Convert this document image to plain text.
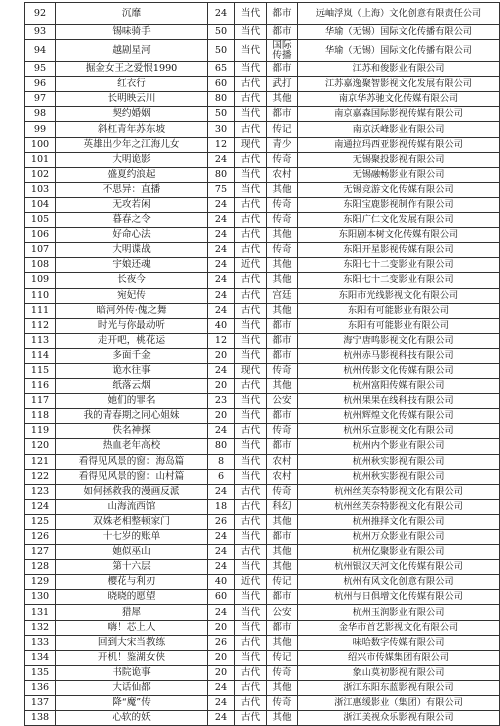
92	沉靡	24	当代	都市	远岫浮岚（上海）文化创意有限责任公司
93	锡味骑手	50	当代	都市	华瑜（无锡）国际文化传播有限公司
94	越剧星河	50	当代	国际传播	华瑜（无锡）国际文化传播有限公司
95	掘金女王之爱恨1990	65	当代	都市	江苏和俊影业有限公司
96	红衣行	60	古代	武打	江苏嘉逸聚智影视文化发展有限公司
97	长明映云川	80	古代	其他	南京华苏驰文化传媒有限公司
98	契约婚姻	50	当代	都市	南京嘉森国际影视传媒有限公司
99	斜杠青年苏东坡	30	古代	传记	南京沃峰影业有限公司
100	英雄出少年之江海儿女	12	现代	青少	南通拉玛西亚影视传媒有限公司
101	大明诡影	24	古代	传奇	无锡聚投影视有限公司
102	盛夏约浪起	80	当代	农村	无锡融畅影业有限公司
103	不思异：直播	75	当代	其他	无锡竞游文化传媒有限公司
104	无攻若闲	24	古代	传奇	东阳宝鹿影视制作有限公司
105	暮春之令	24	古代	传奇	东阳广仁文化发展有限公司
106	好命心法	24	古代	其他	东阳剧本树文化传媒有限公司
107	大明谍战	24	古代	传奇	东阳开星影视传媒有限公司
108	宇娘还魂	24	近代	其他	东阳七十二变影业有限公司
109	长夜今	24	古代	其他	东阳七十二变影业有限公司
110	宛妃传	24	古代	宫廷	东阳市光线影视文化有限公司
111	暗河外传·傀之舞	24	古代	其他	东阳有可能影业有限公司
112	时光与你最动听	40	当代	都市	东阳有可能影业有限公司
113	走开吧，桃花运	12	当代	都市	海宁唐鸣影视文化有限公司
114	多面千金	20	当代	都市	杭州赤马影视科技有限公司
115	诡水往事	24	现代	传奇	杭州传影文化传媒有限公司
116	纸落云烟	20	古代	其他	杭州富阳传媒有限公司
117	她们的罪名	23	当代	公安	杭州果果在线科技有限公司
118	我的青春期之同心姐妹	20	当代	都市	杭州辉煌文化传媒有限公司
119	佚名神探	24	古代	传奇	杭州乐宣影视文化有限公司
120	热血老年高校	80	当代	都市	杭州内个影业有限公司
121	看得见风景的窗：海岛篇	8	当代	农村	杭州秋实影视有限公司
122	看得见风景的窗：山村篇	6	当代	农村	杭州秋实影视有限公司
123	如何拯救我的漫画反派	24	古代	传奇	杭州丝芙奈特影视文化有限公司
124	山海流西馆	18	古代	科幻	杭州丝芙奈特影视文化有限公司
125	双姝老相整顿家门	26	古代	其他	杭州推择文化有限公司
126	十七岁的账单	24	当代	都市	杭州万众影业有限公司
127	她似巫山	24	古代	其他	杭州亿聚影业有限公司
128	第十六层	24	当代	其他	杭州银汉天河文化传媒有限公司
129	樱花与利刃	40	近代	传记	杭州有风文化创意有限公司
130	晓晓的愿望	60	当代	都市	杭州与日俱增文化传媒有限公司
131	猎犀	24	当代	公安	杭州玉润影业有限公司
132	嗨！芯上人	20	当代	都市	金华市首艺影视文化有限公司
133	回到大宋当教练	26	古代	其他	味哈数字传媒有限公司
134	开机！鉴湖女侠	20	当代	传记	绍兴市传媒集团有限公司
135	书院诡事	20	古代	传奇	象山莫初影视有限公司
136	大话仙都	24	古代	其他	浙江东阳东蓝影视有限公司
137	降“魔”传	24	古代	传奇	浙江惠缓影业（集团）有限公司
138	心软的妖	24	古代	其他	浙江美视众乐影视有限公司
